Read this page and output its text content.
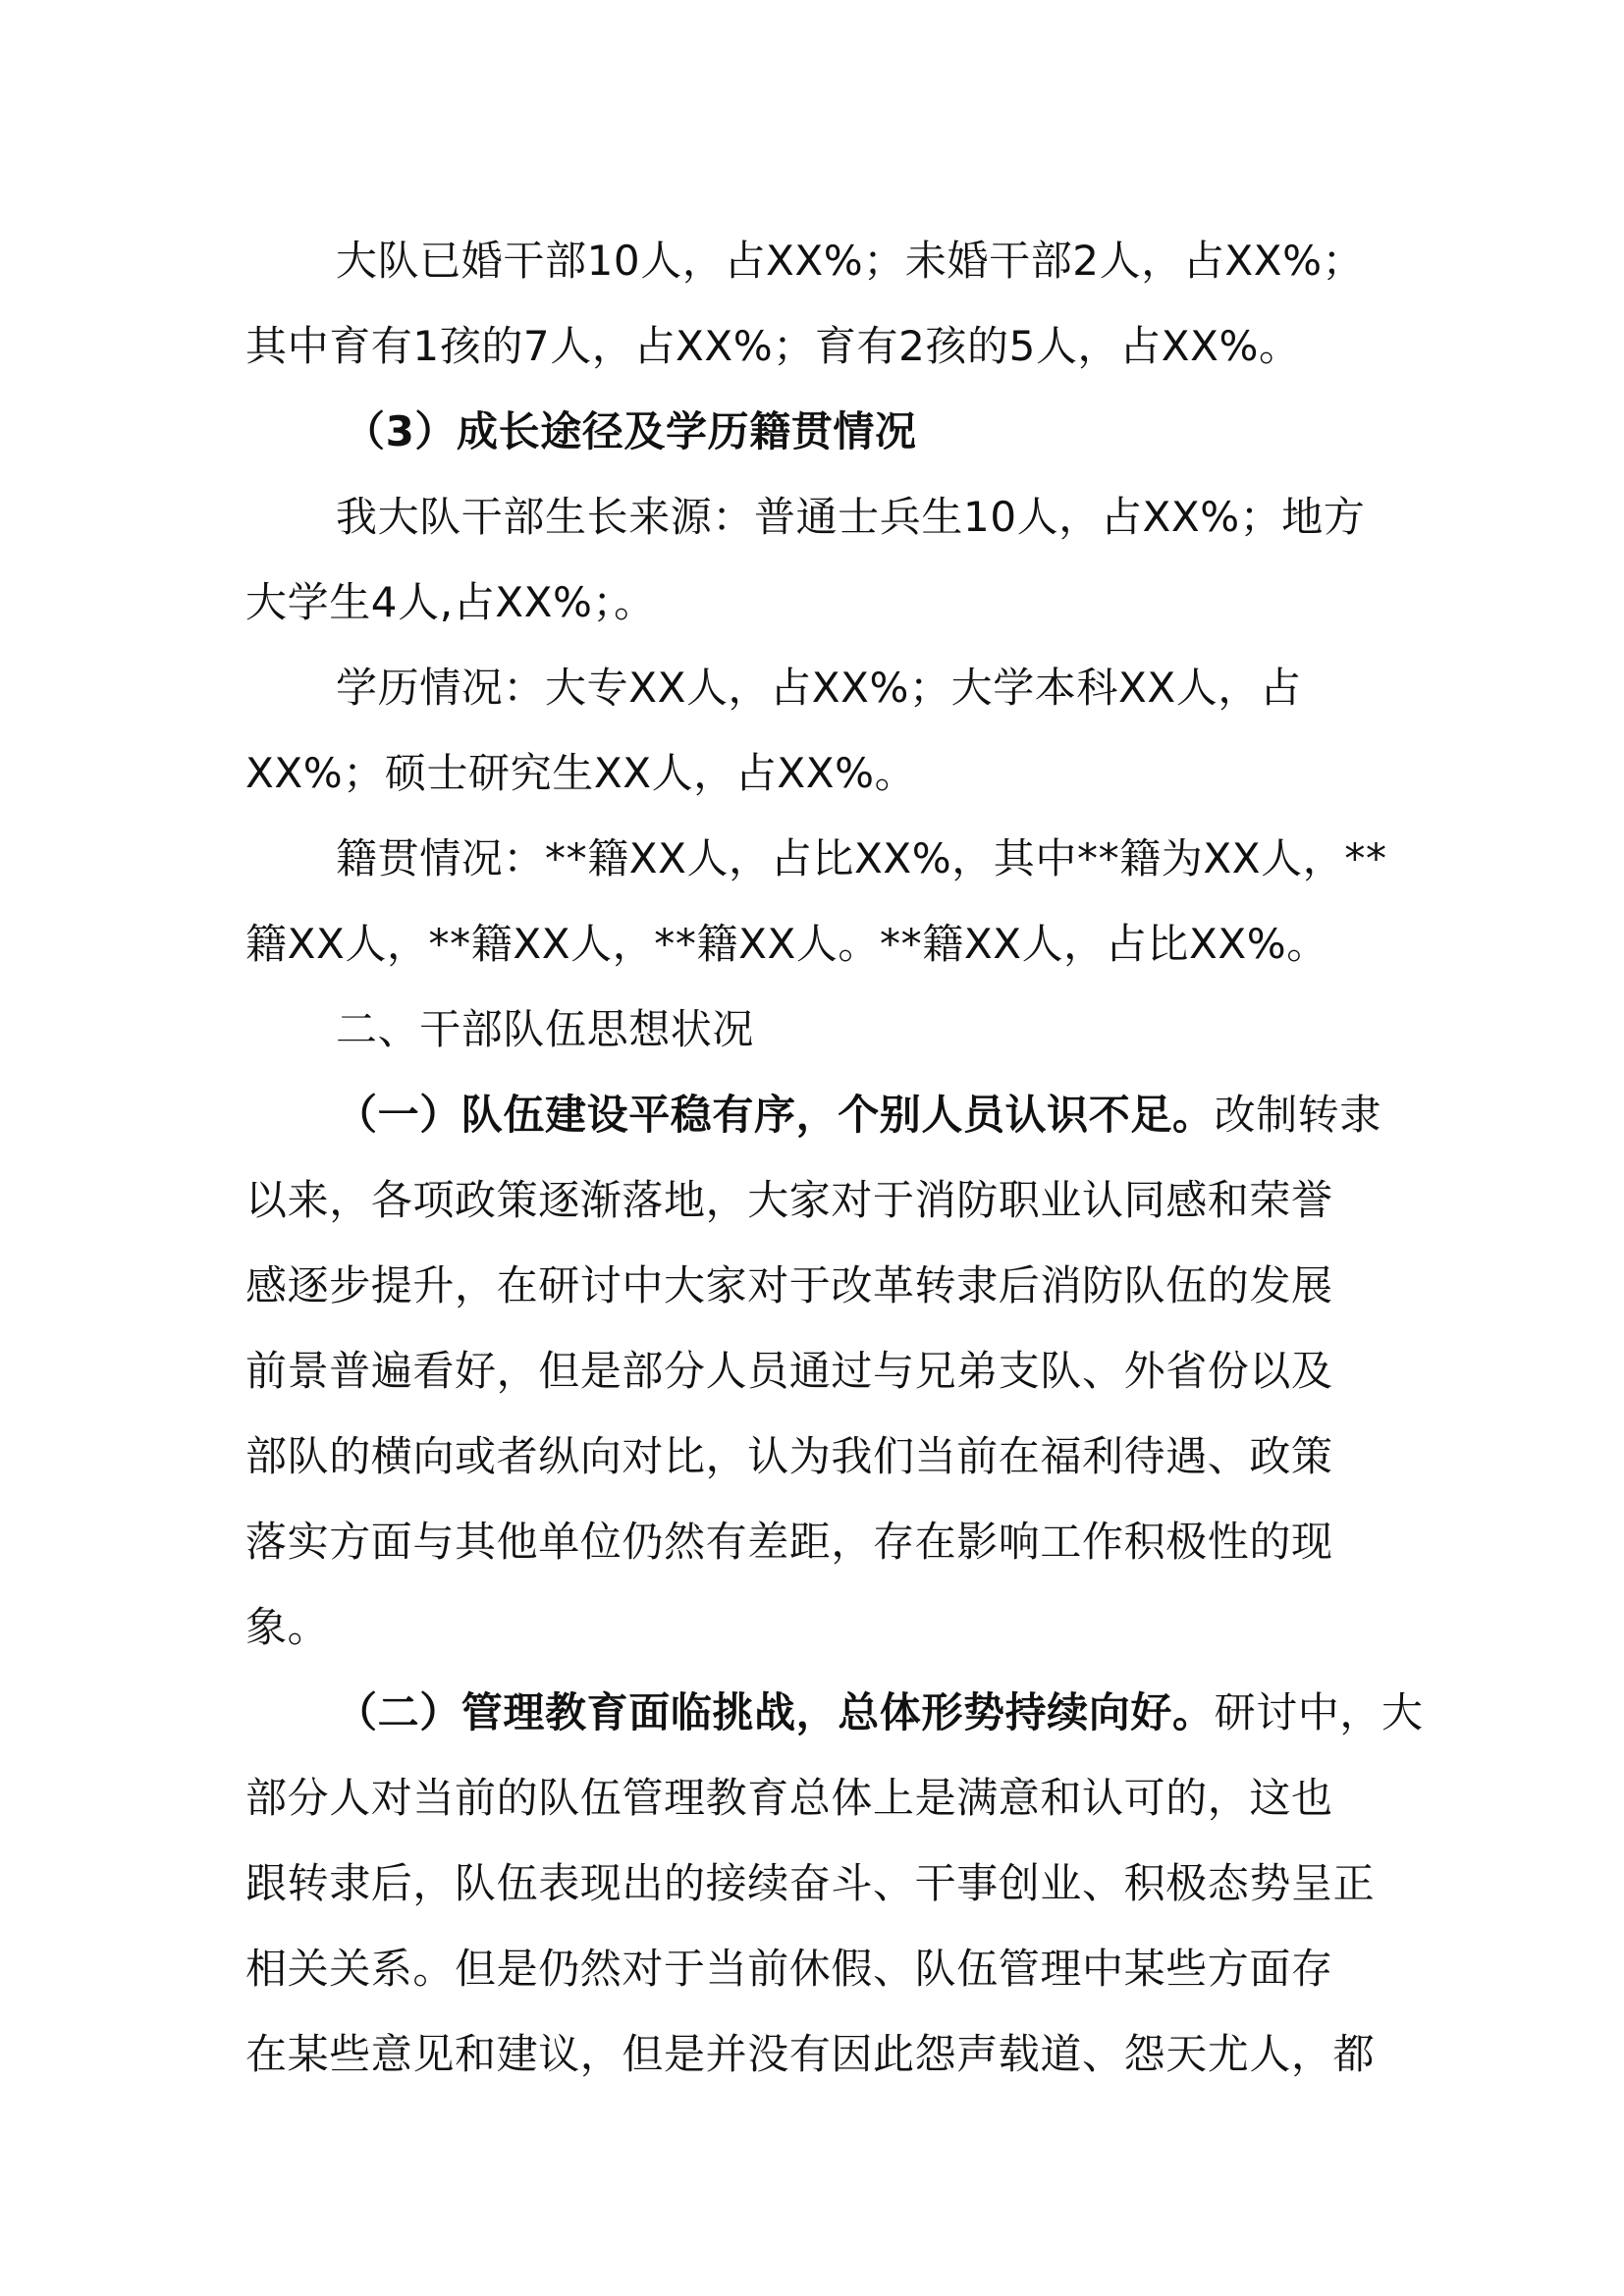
大队已婚干部10人，占XX%；未婚干部2人，占XX%；
其中育有1孩的7人，占XX%；育有2孩的5人，占XX%。
（3）成长途径及学历籍贯情况
我大队干部生长来源：普通士兵生10人，占XX%；地方
大学生4人,占XX%；。
学历情况：大专XX人，占XX%；大学本科XX人，占
XX%；硕士研究生XX人，占XX%。
籍贯情况：**籍XX人，占比XX%，其中**籍为XX人，**
籍XX人，**籍XX人，**籍XX人。**籍XX人，占比XX%。
二、干部队伍思想状况
（一）队伍建设平稳有序，个别人员认识不足。改制转隶
以来，各项政策逐渐落地，大家对于消防职业认同感和荣誉
感逐步提升，在研讨中大家对于改革转隶后消防队伍的发展
前景普遍看好，但是部分人员通过与兄弟支队、外省份以及
部队的横向或者纵向对比，认为我们当前在福利待遇、政策
落实方面与其他单位仍然有差距，存在影响工作积极性的现
象。
（二）管理教育面临挑战，总体形势持续向好。研讨中，大
部分人对当前的队伍管理教育总体上是满意和认可的，这也
跟转隶后，队伍表现出的接续奋斗、干事创业、积极态势呈正
相关关系。但是仍然对于当前休假、队伍管理中某些方面存
在某些意见和建议，但是并没有因此怨声载道、怨天尤人，都
